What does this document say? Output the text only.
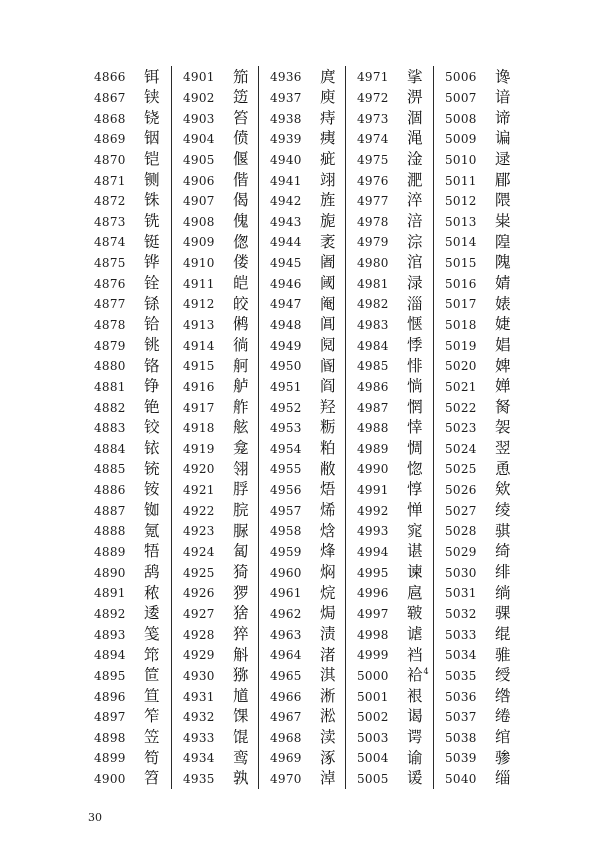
4866 铒
4867 铗
4868 铙
4869 铟
4870 铠
4871 铡
4872 铢
4873 铣
4874 铤
4875 铧
4876 铨
4877 铩
4878 铪
4879 铫
4880 铬
4881 铮
4882 铯
4883 铰
4884 铱
4885 铳
4886 铵
4887 铷
4888 氪
4889 牾
4890 鸹
4891 秾
4892 逶
4893 笺
4894 筇
4895 笸
4896 笪
4897 笮
4898 笠
4899 笱
4900 笤
4901 笳
4902 笾
4903 笞
4904 偾
4905 偃
4906 偕
4907 偈
4908 傀
4909 偬
4910 偻
4911 皑
4912 皎
4913 鸺
4914 徜
4915 舸
4916 舻
4917 舴
4918 舷
4919 龛
4920 翎
4921 脬
4922 脘
4923 脲
4924 匐
4925 猗
4926 猡
4927 猞
4928 猝
4929 斛
4930 猕
4931 馗
4932 馃
4933 馄
4934 鸾
4935 孰
4936 庹
4937 庾
4938 痔
4939 痍
4940 疵
4941 翊
4942 旌
4943 旎
4944 袤
4945 阇
4946 阈
4947 阉
4948 阊
4949 阋
4950 阍
4951 阎
4952 羟
4953 粝
4954 粕
4955 敝
4956 焐
4957 烯
4958 焓
4959 烽
4960 焖
4961 烷
4962 焗
4963 渍
4964 渚
4965 淇
4966 淅
4967 淞
4968 渎
4969 涿
4970 淖
4971 挲
4972 淠
4973 涸
4974 渑
4975 淦
4976 淝
4977 淬
4978 涪
4979 淙
4980 涫
4981 渌
4982 淄
4983 惬
4984 悸
4985 悱
4986 惝
4987 惘
4988 悻
4989 惆
4990 惚
4991 惇
4992 惮
4993 窕
4994 谌
4995 谏
4996 扈
4997 皲
4998 谑
4999 裆
5000 袷$^4$
5001 裉
5002 谒
5003 谔
5004 谕
5005 谖
5006 谗
5007 谙
5008 谛
5009 谝
5010 逯
5011 郿
5012 隈
5013 粜
5014 隍
5015 隗
5016 婧
5017 婊
5018 婕
5019 娼
5020 婢
5021 婵
5022 胬
5023 袈
5024 翌
5025 恿
5026 欸
5027 绫
5028 骐
5029 绮
5030 绯
5031 绱
5032 骒
5033 绲
5034 骓
5035 绶
5036 绺
5037 绻
5038 绾
5039 骖
5040 缁
30
